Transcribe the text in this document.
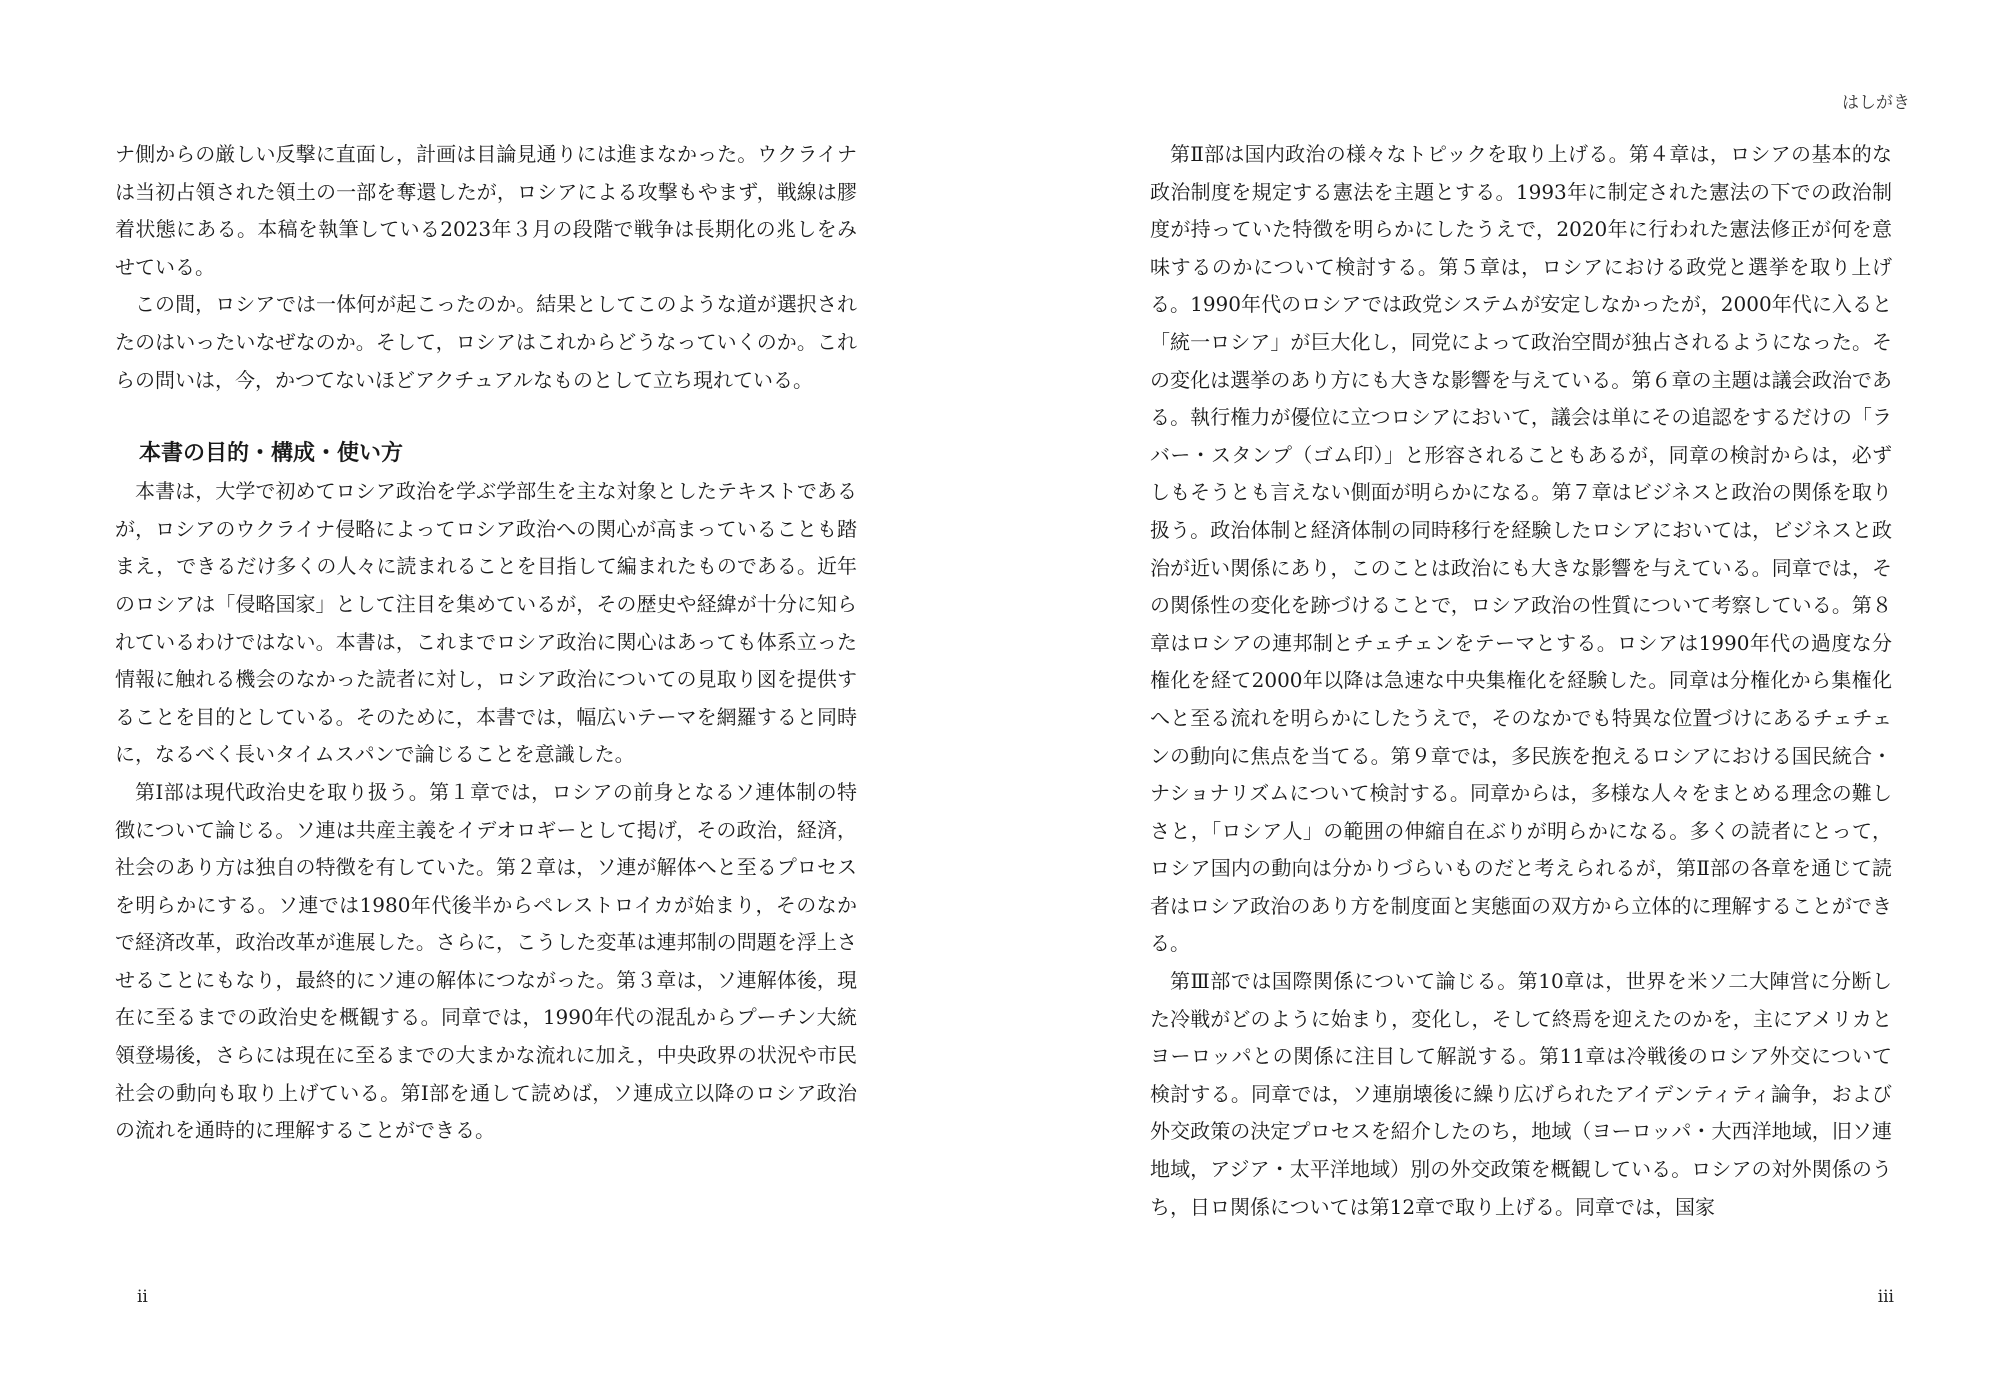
ナ側からの厳しい反撃に直面し，計画は目論見通りには進まなかった。ウクライナは当初占領された領土の一部を奪還したが，ロシアによる攻撃もやまず，戦線は膠着状態にある。本稿を執筆している2023年３月の段階で戦争は長期化の兆しをみせている。

この間，ロシアでは一体何が起こったのか。結果としてこのような道が選択されたのはいったいなぜなのか。そして，ロシアはこれからどうなっていくのか。これらの問いは，今，かつてないほどアクチュアルなものとして立ち現れている。

本書の目的・構成・使い方

本書は，大学で初めてロシア政治を学ぶ学部生を主な対象としたテキストであるが，ロシアのウクライナ侵略によってロシア政治への関心が高まっていることも踏まえ，できるだけ多くの人々に読まれることを目指して編まれたものである。近年のロシアは「侵略国家」として注目を集めているが，その歴史や経緯が十分に知られているわけではない。本書は，これまでロシア政治に関心はあっても体系立った情報に触れる機会のなかった読者に対し，ロシア政治についての見取り図を提供することを目的としている。そのために，本書では，幅広いテーマを網羅すると同時に，なるべく長いタイムスパンで論じることを意識した。

第Ⅰ部は現代政治史を取り扱う。第１章では，ロシアの前身となるソ連体制の特徴について論じる。ソ連は共産主義をイデオロギーとして掲げ，その政治，経済，社会のあり方は独自の特徴を有していた。第２章は，ソ連が解体へと至るプロセスを明らかにする。ソ連では1980年代後半からペレストロイカが始まり，そのなかで経済改革，政治改革が進展した。さらに，こうした変革は連邦制の問題を浮上させることにもなり，最終的にソ連の解体につながった。第３章は，ソ連解体後，現在に至るまでの政治史を概観する。同章では，1990年代の混乱からプーチン大統領登場後，さらには現在に至るまでの大まかな流れに加え，中央政界の状況や市民社会の動向も取り上げている。第Ⅰ部を通して読めば，ソ連成立以降のロシア政治の流れを通時的に理解することができる。

ii
はしがき

第Ⅱ部は国内政治の様々なトピックを取り上げる。第４章は，ロシアの基本的な政治制度を規定する憲法を主題とする。1993年に制定された憲法の下での政治制度が持っていた特徴を明らかにしたうえで，2020年に行われた憲法修正が何を意味するのかについて検討する。第５章は，ロシアにおける政党と選挙を取り上げる。1990年代のロシアでは政党システムが安定しなかったが，2000年代に入ると「統一ロシア」が巨大化し，同党によって政治空間が独占されるようになった。その変化は選挙のあり方にも大きな影響を与えている。第６章の主題は議会政治である。執行権力が優位に立つロシアにおいて，議会は単にその追認をするだけの「ラバー・スタンプ（ゴム印）」と形容されることもあるが，同章の検討からは，必ずしもそうとも言えない側面が明らかになる。第７章はビジネスと政治の関係を取り扱う。政治体制と経済体制の同時移行を経験したロシアにおいては，ビジネスと政治が近い関係にあり，このことは政治にも大きな影響を与えている。同章では，その関係性の変化を跡づけることで，ロシア政治の性質について考察している。第８章はロシアの連邦制とチェチェンをテーマとする。ロシアは1990年代の過度な分権化を経て2000年以降は急速な中央集権化を経験した。同章は分権化から集権化へと至る流れを明らかにしたうえで，そのなかでも特異な位置づけにあるチェチェンの動向に焦点を当てる。第９章では，多民族を抱えるロシアにおける国民統合・ナショナリズムについて検討する。同章からは，多様な人々をまとめる理念の難しさと，「ロシア人」の範囲の伸縮自在ぶりが明らかになる。多くの読者にとって，ロシア国内の動向は分かりづらいものだと考えられるが，第Ⅱ部の各章を通じて読者はロシア政治のあり方を制度面と実態面の双方から立体的に理解することができる。

第Ⅲ部では国際関係について論じる。第10章は，世界を米ソ二大陣営に分断した冷戦がどのように始まり，変化し，そして終焉を迎えたのかを，主にアメリカとヨーロッパとの関係に注目して解説する。第11章は冷戦後のロシア外交について検討する。同章では，ソ連崩壊後に繰り広げられたアイデンティティ論争，および外交政策の決定プロセスを紹介したのち，地域（ヨーロッパ・大西洋地域，旧ソ連地域，アジア・太平洋地域）別の外交政策を概観している。ロシアの対外関係のうち，日ロ関係については第12章で取り上げる。同章では，国家

iii
